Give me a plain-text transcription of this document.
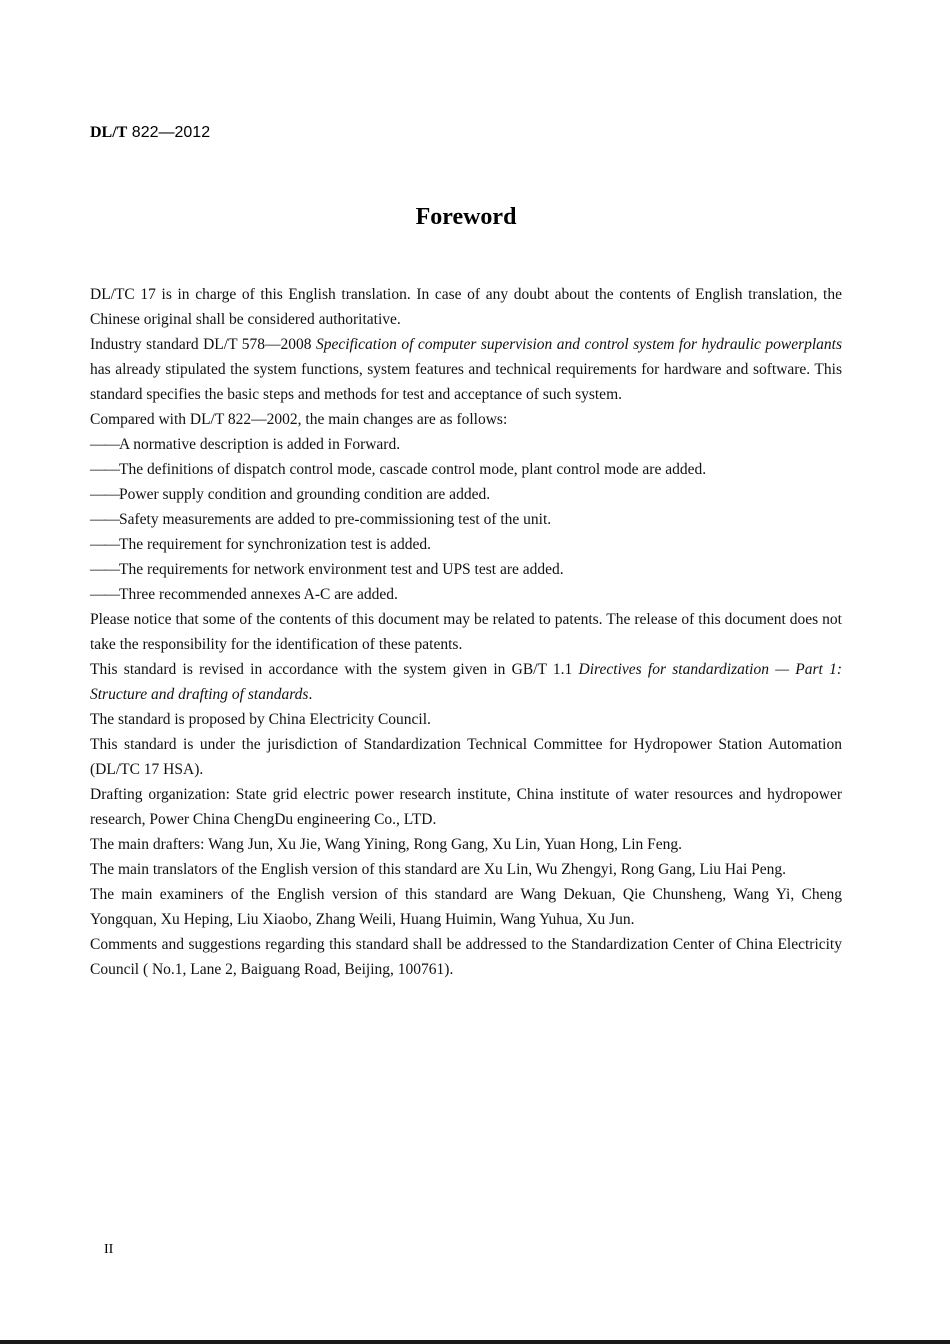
DL/T 822—2012
Foreword

DL/TC 17 is in charge of this English translation. In case of any doubt about the contents of English translation, the Chinese original shall be considered authoritative.

Industry standard DL/T 578—2008 Specification of computer supervision and control system for hydraulic powerplants has already stipulated the system functions, system features and technical requirements for hardware and software. This standard specifies the basic steps and methods for test and acceptance of such system.

Compared with DL/T 822—2002, the main changes are as follows:

——A normative description is added in Forward.

——The definitions of dispatch control mode, cascade control mode, plant control mode are added.

——Power supply condition and grounding condition are added.

——Safety measurements are added to pre-commissioning test of the unit.

——The requirement for synchronization test is added.

——The requirements for network environment test and UPS test are added.

——Three recommended annexes A-C are added.

Please notice that some of the contents of this document may be related to patents. The release of this document does not take the responsibility for the identification of these patents.

This standard is revised in accordance with the system given in GB/T 1.1 Directives for standardization — Part 1: Structure and drafting of standards.

The standard is proposed by China Electricity Council.

This standard is under the jurisdiction of Standardization Technical Committee for Hydropower Station Automation (DL/TC 17 HSA).

Drafting organization: State grid electric power research institute, China institute of water resources and hydropower research, Power China ChengDu engineering Co., LTD.

The main drafters: Wang Jun, Xu Jie, Wang Yining, Rong Gang, Xu Lin, Yuan Hong, Lin Feng.

The main translators of the English version of this standard are Xu Lin, Wu Zhengyi, Rong Gang, Liu Hai Peng.

The main examiners of the English version of this standard are Wang Dekuan, Qie Chunsheng, Wang Yi, Cheng Yongquan, Xu Heping, Liu Xiaobo, Zhang Weili, Huang Huimin, Wang Yuhua, Xu Jun.

Comments and suggestions regarding this standard shall be addressed to the Standardization Center of China Electricity Council ( No.1, Lane 2, Baiguang Road, Beijing, 100761).

II
